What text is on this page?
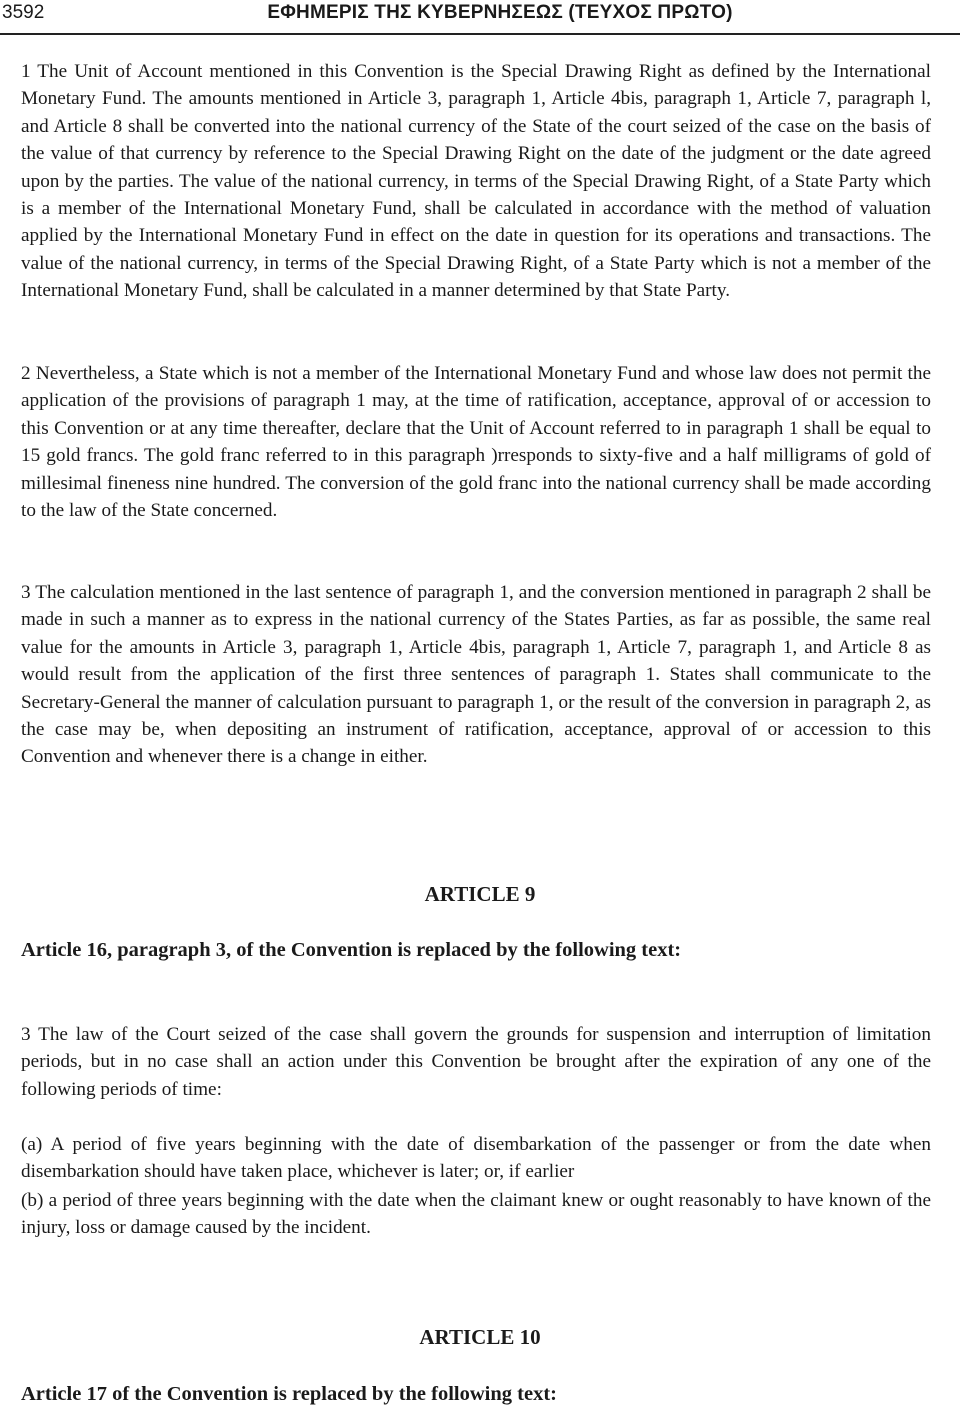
3592	ΕΦΗΜΕΡΙΣ ΤΗΣ ΚΥΒΕΡΝΗΣΕΩΣ (ΤΕΥΧΟΣ ΠΡΩΤΟ)

1 The Unit of Account mentioned in this Convention is the Special Drawing Right as defined by the International Monetary Fund. The amounts mentioned in Article 3, paragraph 1, Article 4bis, paragraph 1, Article 7, paragraph l, and Article 8 shall be converted into the national currency of the State of the court seized of the case on the basis of the value of that currency by reference to the Special Drawing Right on the date of the judgment or the date agreed upon by the parties. The value of the national currency, in terms of the Special Drawing Right, of a State Party which is a member of the International Monetary Fund, shall be calculated in accordance with the method of valuation applied by the International Monetary Fund in effect on the date in question for its operations and transactions. The value of the national currency, in terms of the Special Drawing Right, of a State Party which is not a member of the International Monetary Fund, shall be calculated in a manner determined by that State Party.

2 Nevertheless, a State which is not a member of the International Monetary Fund and whose law does not permit the application of the provisions of paragraph 1 may, at the time of ratification, acceptance, approval of or accession to this Convention or at any time thereafter, declare that the Unit of Account referred to in paragraph 1 shall be equal to 15 gold francs. The gold franc referred to in this paragraph )rresponds to sixty-five and a half milligrams of gold of millesimal fineness nine hundred. The conversion of the gold franc into the national currency shall be made according to the law of the State concerned.

3 The calculation mentioned in the last sentence of paragraph 1, and the conversion mentioned in paragraph 2 shall be made in such a manner as to express in the national currency of the States Parties, as far as possible, the same real value for the amounts in Article 3, paragraph 1, Article 4bis, paragraph 1, Article 7, paragraph 1, and Article 8 as would result from the application of the first three sentences of paragraph 1. States shall communicate to the Secretary-General the manner of calculation pursuant to paragraph 1, or the result of the conversion in paragraph 2, as the case may be, when depositing an instrument of ratification, acceptance, approval of or accession to this Convention and whenever there is a change in either.

ARTICLE 9

Article 16, paragraph 3, of the Convention is replaced by the following text:

3 The law of the Court seized of the case shall govern the grounds for suspension and interruption of limitation periods, but in no case shall an action under this Convention be brought after the expiration of any one of the following periods of time:

(a) A period of five years beginning with the date of disembarkation of the passenger or from the date when disembarkation should have taken place, whichever is later; or, if earlier

(b) a period of three years beginning with the date when the claimant knew or ought reasonably to have known of the injury, loss or damage caused by the incident.

ARTICLE 10

Article 17 of the Convention is replaced by the following text:
